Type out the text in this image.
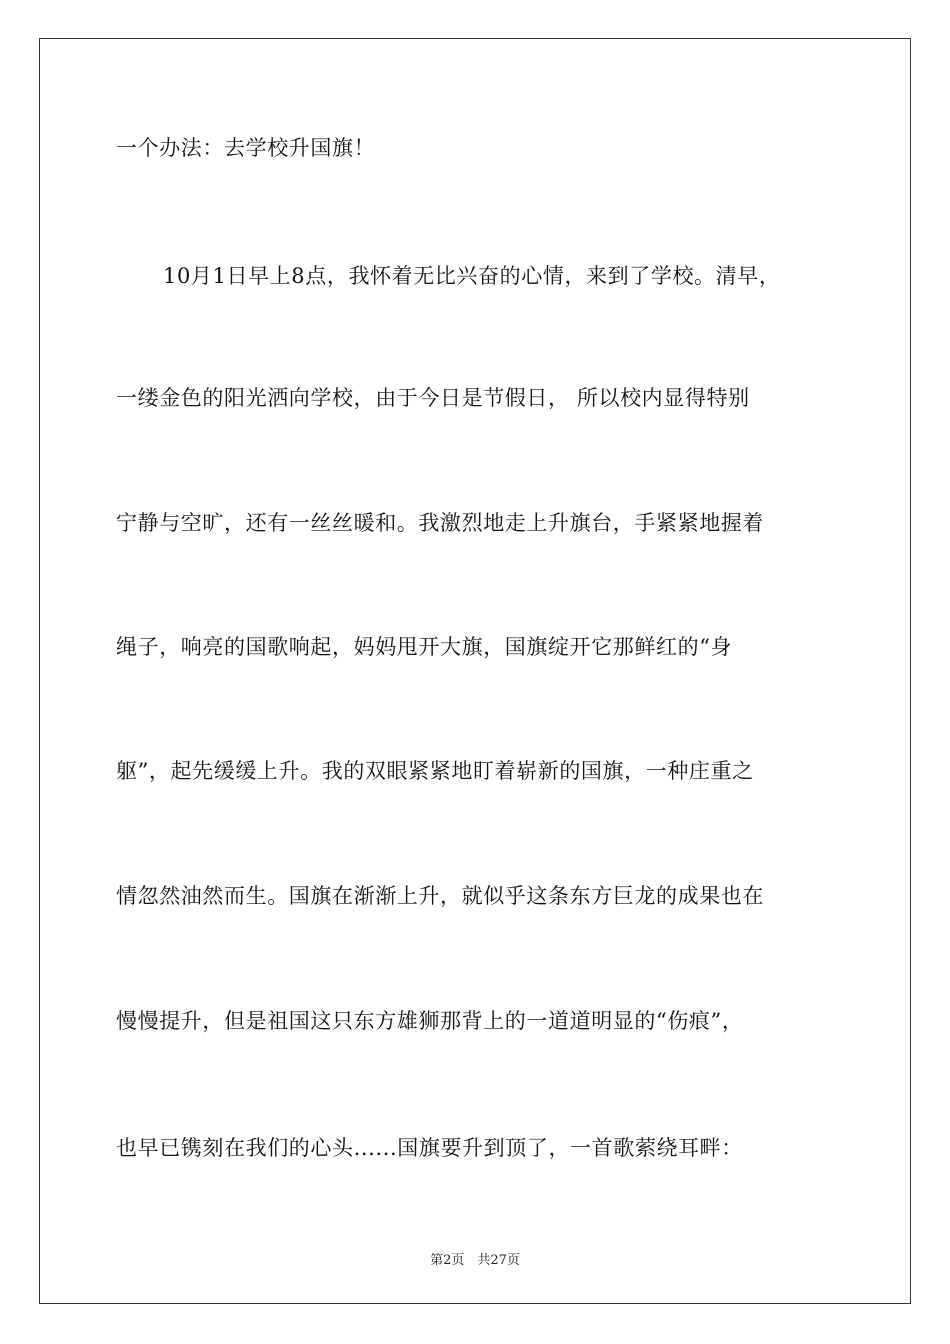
一个办法：去学校升国旗！
10月1日早上8点，我怀着无比兴奋的心情，来到了学校。清早，
一缕金色的阳光洒向学校，由于今日是节假日， 所以校内显得特别
宁静与空旷，还有一丝丝暖和。我激烈地走上升旗台，手紧紧地握着
绳子，响亮的国歌响起，妈妈甩开大旗，国旗绽开它那鲜红的“身
躯”，起先缓缓上升。我的双眼紧紧地盯着崭新的国旗，一种庄重之
情忽然油然而生。国旗在渐渐上升，就似乎这条东方巨龙的成果也在
慢慢提升，但是祖国这只东方雄狮那背上的一道道明显的“伤痕”，
也早已镌刻在我们的心头......国旗要升到顶了，一首歌萦绕耳畔：
第2页　共27页
